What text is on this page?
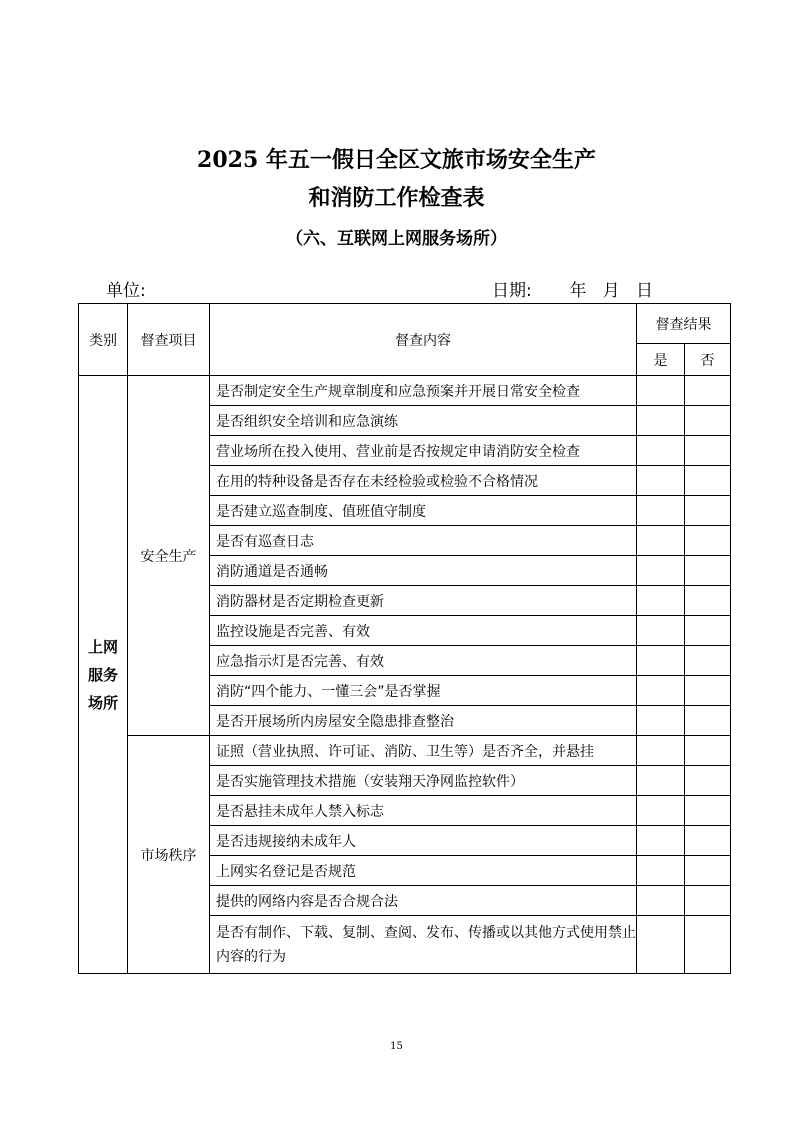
2025 年五一假日全区文旅市场安全生产
和消防工作检查表
（六、互联网上网服务场所）
单位:	日期:       年   月   日
类别	督查项目	督查内容	督查结果	
			是	否
上网服务场所	安全生产	是否制定安全生产规章制度和应急预案并开展日常安全检查		
		是否组织安全培训和应急演练		
		营业场所在投入使用、营业前是否按规定申请消防安全检查		
		在用的特种设备是否存在未经检验或检验不合格情况		
		是否建立巡查制度、值班值守制度		
		是否有巡查日志		
		消防通道是否通畅		
		消防器材是否定期检查更新		
		监控设施是否完善、有效		
		应急指示灯是否完善、有效		
		消防“四个能力、一懂三会”是否掌握		
		是否开展场所内房屋安全隐患排查整治		
	市场秩序	证照（营业执照、许可证、消防、卫生等）是否齐全，并悬挂		
		是否实施管理技术措施（安装翔天净网监控软件）		
		是否悬挂未成年人禁入标志		
		是否违规接纳未成年人		
		上网实名登记是否规范		
		提供的网络内容是否合规合法		
		是否有制作、下载、复制、查阅、发布、传播或以其他方式使用禁止内容的行为		
15
